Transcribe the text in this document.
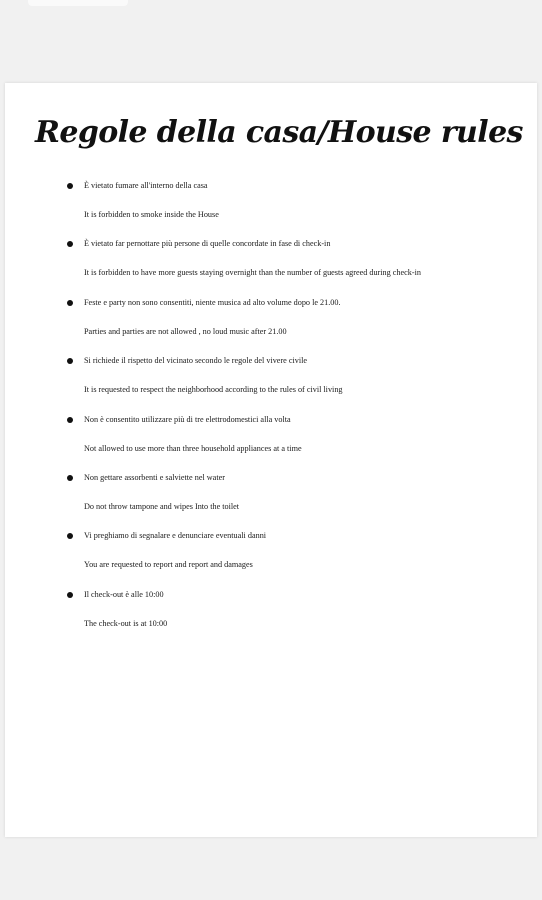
Regole della casa/House rules
È vietato fumare all'interno della casa
It is forbidden to smoke inside the House
È vietato far pernottare più persone di quelle concordate in fase di check-in
It is forbidden to have more guests staying overnight than the number of guests agreed during check-in
Feste e party non sono consentiti, niente musica ad alto volume dopo le 21.00.
Parties and parties are not allowed , no loud music after 21.00
Si richiede il rispetto del vicinato secondo le regole del vivere civile
It is requested to respect the neighborhood according to the rules of civil living
Non è consentito utilizzare più di tre elettrodomestici alla volta
Not allowed to use more than three household appliances at a time
Non gettare assorbenti e salviette nel water
Do not throw tampone and wipes Into the toilet
Vi preghiamo di segnalare e denunciare eventuali danni
You are requested to report and report and damages
Il check-out è alle 10:00
The check-out is at 10:00
